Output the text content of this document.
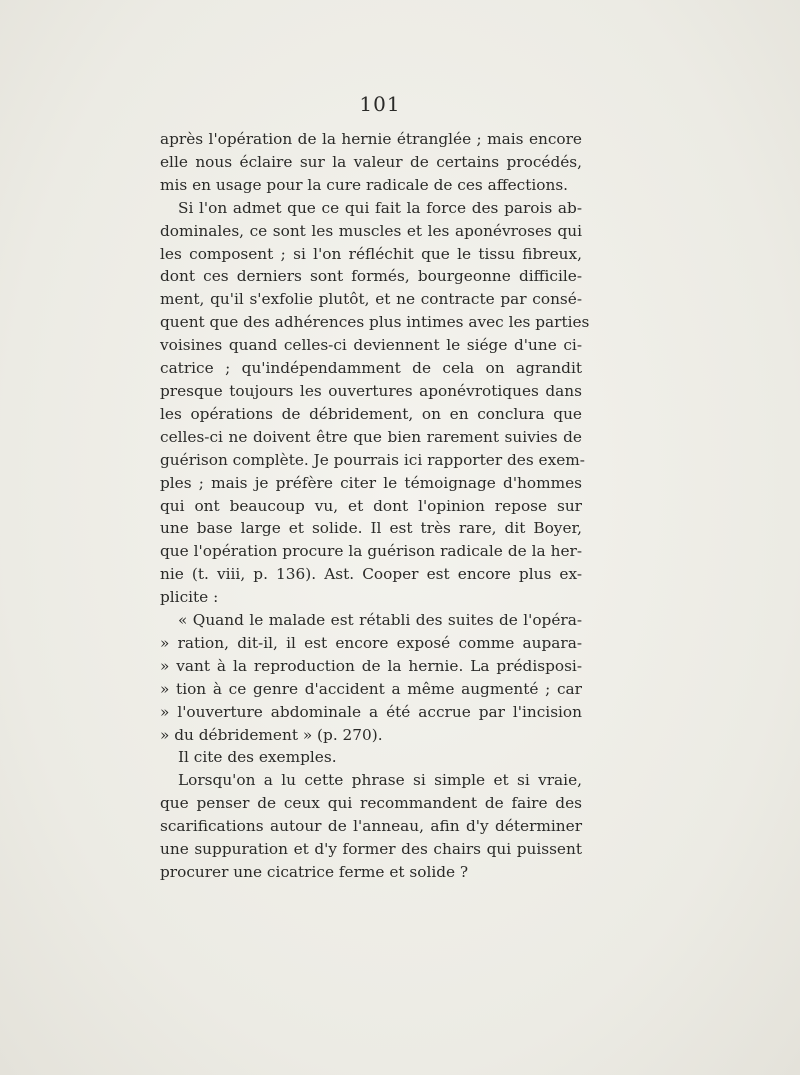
101
après l'opération de la hernie étranglée ; mais encore
elle nous éclaire sur la valeur de certains procédés,
mis en usage pour la cure radicale de ces affections.
Si l'on admet que ce qui fait la force des parois ab-
dominales, ce sont les muscles et les aponévroses qui
les composent ; si l'on réfléchit que le tissu fibreux,
dont ces derniers sont formés, bourgeonne difficile-
ment, qu'il s'exfolie plutôt, et ne contracte par consé-
quent que des adhérences plus intimes avec les parties
voisines quand celles-ci deviennent le siége d'une ci-
catrice ; qu'indépendamment de cela on agrandit
presque toujours les ouvertures aponévrotiques dans
les opérations de débridement, on en conclura que
celles-ci ne doivent être que bien rarement suivies de
guérison complète. Je pourrais ici rapporter des exem-
ples ; mais je préfère citer le témoignage d'hommes
qui ont beaucoup vu, et dont l'opinion repose sur
une base large et solide. Il est très rare, dit Boyer,
que l'opération procure la guérison radicale de la her-
nie (t. viii, p. 136). Ast. Cooper est encore plus ex-
plicite :
« Quand le malade est rétabli des suites de l'opéra-
» ration, dit-il, il est encore exposé comme aupara-
» vant à la reproduction de la hernie. La prédisposi-
» tion à ce genre d'accident a même augmenté ; car
» l'ouverture abdominale a été accrue par l'incision
» du débridement » (p. 270).
Il cite des exemples.
Lorsqu'on a lu cette phrase si simple et si vraie,
que penser de ceux qui recommandent de faire des
scarifications autour de l'anneau, afin d'y déterminer
une suppuration et d'y former des chairs qui puissent
procurer une cicatrice ferme et solide ?
